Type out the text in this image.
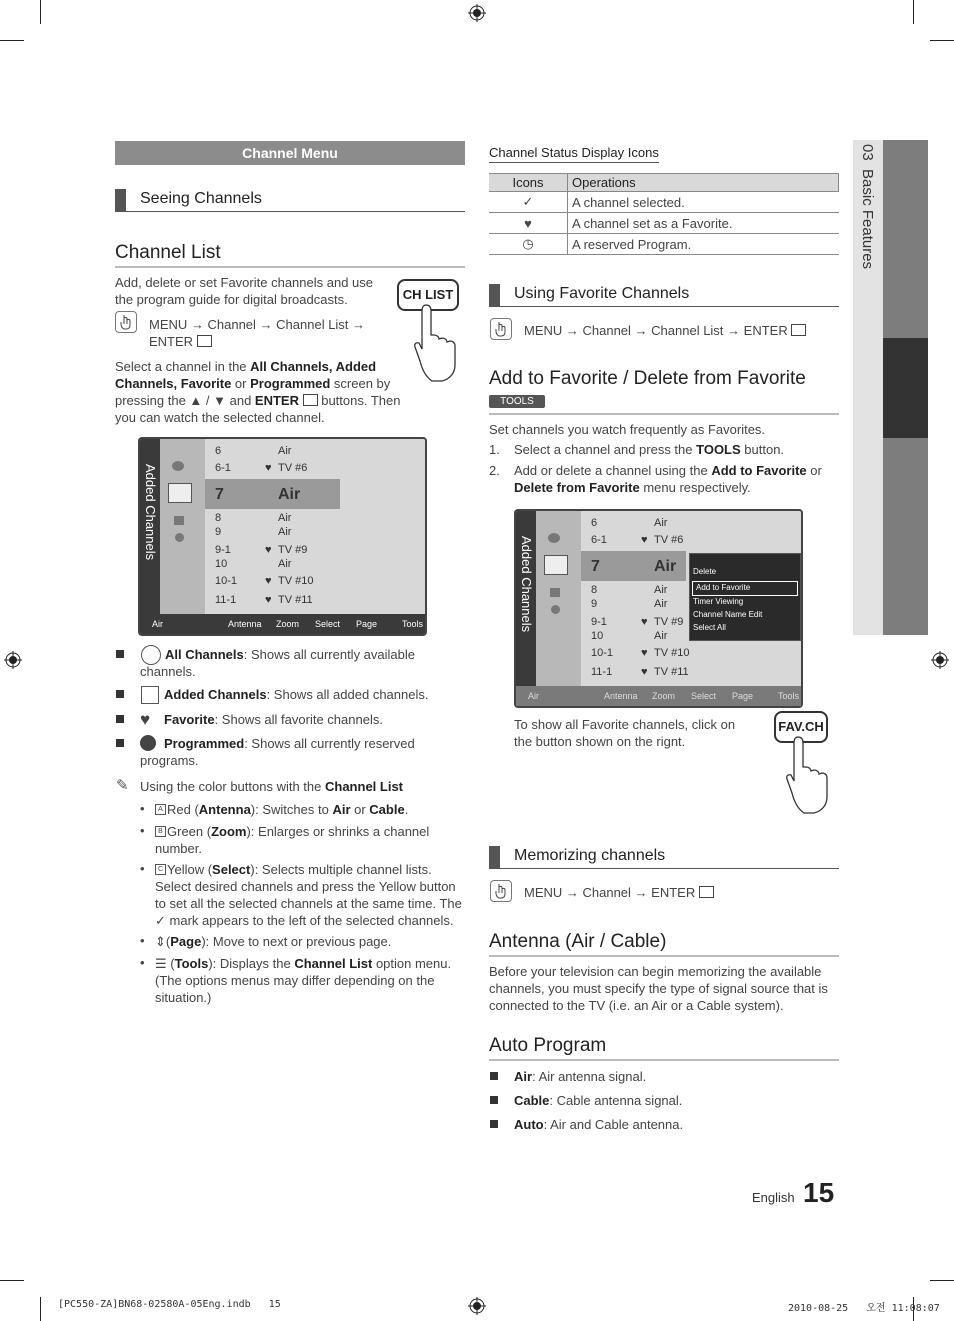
03  Basic Features
Channel Menu
Seeing Channels
Channel List
Add, delete or set Favorite channels and use the program guide for digital broadcasts.	CH LIST
MENU → Channel → Channel List → ENTER
Select a channel in the All Channels, Added Channels, Favorite or Programmed screen by pressing the ▲ / ▼ and ENTER  buttons. Then you can watch the selected channel.
Added Channels
6	Air
6-1	♥ TV #6
7	Air
8	Air
9	Air
9-1	♥ TV #9
10	Air
10-1	♥ TV #10
11-1	♥ TV #11
Air	Antenna Zoom Select Page	Tools
All Channels: Shows all currently available channels.
Added Channels: Shows all added channels.
♥ Favorite: Shows all favorite channels.
Programmed: Shows all currently reserved programs.
✎ Using the color buttons with the Channel List
•	A Red (Antenna): Switches to Air or Cable.
•	B Green (Zoom): Enlarges or shrinks a channel number.
•	C Yellow (Select): Selects multiple channel lists. Select desired channels and press the Yellow button to set all the selected channels at the same time. The ✓ mark appears to the left of the selected channels.
• ⇕(Page): Move to next or previous page.
• ☰ (Tools): Displays the Channel List option menu. (The options menus may differ depending on the situation.)
Channel Status Display Icons
Icons	Operations
✓	A channel selected.
♥	A channel set as a Favorite.
◷	A reserved Program.
Using Favorite Channels
MENU → Channel → Channel List → ENTER
Add to Favorite / Delete from Favorite
TOOLS
Set channels you watch frequently as Favorites.
1. Select a channel and press the TOOLS button.
2. Add or delete a channel using the Add to Favorite or Delete from Favorite menu respectively.
Added Channels
6	Air
6-1	♥ TV #6
7	Air
8	Air
9	Air
9-1	♥ TV #9
10	Air
10-1	♥ TV #10
11-1	♥ TV #11
Delete
Add to Favorite
Timer Viewing
Channel Name Edit
Select All
Air	Antenna Zoom Select Page	Tools
To show all Favorite channels, click on the button shown on the rignt.
FAV.CH
Memorizing channels
MENU → Channel → ENTER
Antenna (Air / Cable)
Before your television can begin memorizing the available channels, you must specify the type of signal source that is connected to the TV (i.e. an Air or a Cable system).
Auto Program
Air: Air antenna signal.
Cable: Cable antenna signal.
Auto: Air and Cable antenna.
English 15
[PC550-ZA]BN68-02580A-05Eng.indb   15	2010-08-25   오전 11:08:07
